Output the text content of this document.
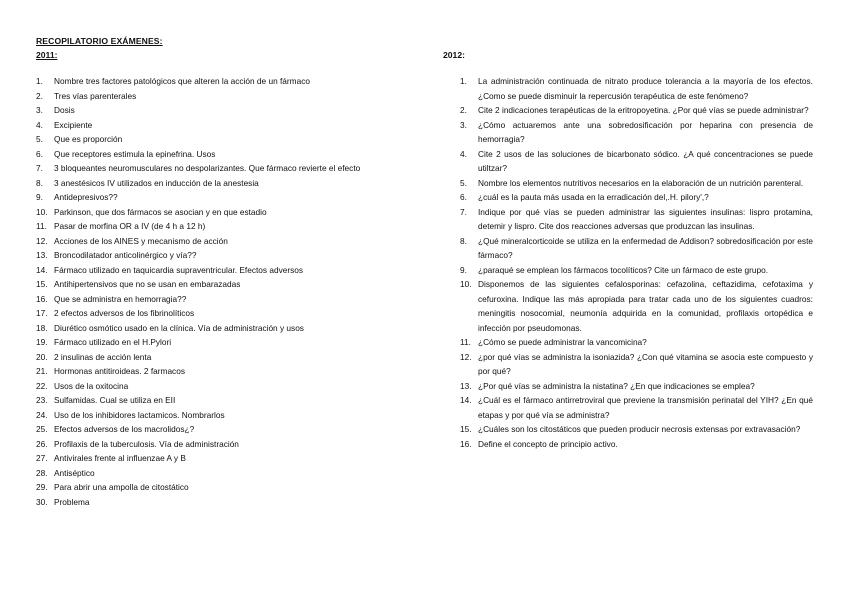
RECOPILATORIO EXÁMENES:
2011:
1. Nombre tres factores patológicos que alteren la acción de un fármaco
2. Tres vías parenterales
3. Dosis
4. Excipiente
5. Que es proporción
6. Que receptores estimula la epinefrina. Usos
7. 3 bloqueantes neuromusculares no despolarizantes. Que fármaco revierte el efecto
8. 3 anestésicos IV utilizados en inducción de la anestesia
9. Antidepresivos??
10. Parkinson, que dos fármacos se asocian y en que estadio
11. Pasar de morfina OR a IV (de 4 h a 12 h)
12. Acciones de los AINES y mecanismo de acción
13. Broncodilatador anticolinérgico y vía??
14. Fármaco utilizado en taquicardia supraventricular. Efectos adversos
15. Antihipertensivos que no se usan en embarazadas
16. Que se administra en hemorragia??
17. 2 efectos adversos de los fibrinolíticos
18. Diurético osmótico usado en la clínica. Vía de administración y usos
19. Fármaco utilizado en el H.Pylori
20. 2 insulinas de acción lenta
21. Hormonas antitiroideas. 2 farmacos
22. Usos de la oxitocina
23. Sulfamidas. Cual se utiliza en EII
24. Uso de los inhibidores lactamicos. Nombrarlos
25. Efectos adversos de los macrolidos¿?
26. Profilaxis de la tuberculosis. Vía de administración
27. Antivirales frente al influenzae A y B
28. Antiséptico
29. Para abrir una ampolla de citostático
30. Problema
2012:
1. La administración continuada de nitrato produce tolerancia a la mayoría de los efectos. ¿Como se puede disminuir la repercusión terapéutica de este fenómeno?
2. Cite 2 indicaciones terapéuticas de la eritropoyetina. ¿Por qué vías se puede administrar?
3. ¿Cómo actuaremos ante una sobredosificación por heparina con presencia de hemorragia?
4. Cite 2 usos de las soluciones de bicarbonato sódico. ¿A qué concentraciones se puede utiltzar?
5. Nombre los elementos nutritivos necesarios en la elaboración de un nutrición parenteral.
6. ¿cuál es la pauta más usada en la erradicación del,.H. pilory',?
7. Indique por qué vías se pueden administrar las siguientes insulinas: lispro protamina, detemir y lispro. Cite dos reacciones adversas que produzcan las insulinas.
8. ¿Qué mineralcorticoide se utiliza en la enfermedad de Addison? sobredosificación por este fármaco?
9. ¿paraqué se emplean los fármacos tocolíticos? Cite un fármaco de este grupo.
10. Disponemos de las siguientes cefalosporinas: cefazolina, ceftazidima, cefotaxima y cefuroxina. Indique las más apropiada para tratar cada uno de los siguientes cuadros: meningitis nosocomial, neumonía adquirida en la comunidad, profilaxis ortopédica e infección por pseudomonas.
11. ¿Cómo se puede administrar la vancomicina?
12. ¿por qué vías se administra la isoniazida? ¿Con qué vitamina se asocia este compuesto y por qué?
13. ¿Por qué vías se administra la nistatina? ¿En que indicaciones se emplea?
14. ¿Cuál es el fármaco antirretroviral que previene la transmisión perinatal del YIH? ¿En qué etapas y por qué vía se administra?
15. ¿Cuáles son los citostáticos que pueden producir necrosis extensas por extravasación?
16. Define el concepto de principio activo.
